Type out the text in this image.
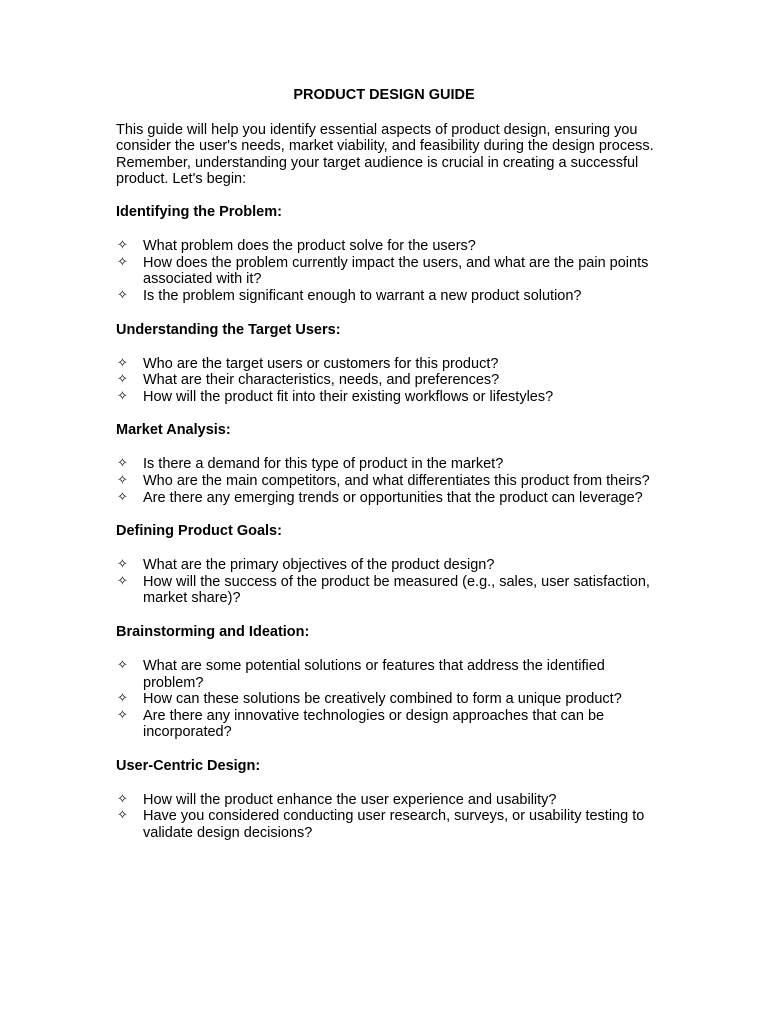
PRODUCT DESIGN GUIDE
This guide will help you identify essential aspects of product design, ensuring you consider the user's needs, market viability, and feasibility during the design process. Remember, understanding your target audience is crucial in creating a successful product. Let's begin:
Identifying the Problem:
✧ What problem does the product solve for the users?
✧ How does the problem currently impact the users, and what are the pain points associated with it?
✧ Is the problem significant enough to warrant a new product solution?
Understanding the Target Users:
✧ Who are the target users or customers for this product?
✧ What are their characteristics, needs, and preferences?
✧ How will the product fit into their existing workflows or lifestyles?
Market Analysis:
✧ Is there a demand for this type of product in the market?
✧ Who are the main competitors, and what differentiates this product from theirs?
✧ Are there any emerging trends or opportunities that the product can leverage?
Defining Product Goals:
✧ What are the primary objectives of the product design?
✧ How will the success of the product be measured (e.g., sales, user satisfaction, market share)?
Brainstorming and Ideation:
✧ What are some potential solutions or features that address the identified problem?
✧ How can these solutions be creatively combined to form a unique product?
✧ Are there any innovative technologies or design approaches that can be incorporated?
User-Centric Design:
✧ How will the product enhance the user experience and usability?
✧ Have you considered conducting user research, surveys, or usability testing to validate design decisions?
